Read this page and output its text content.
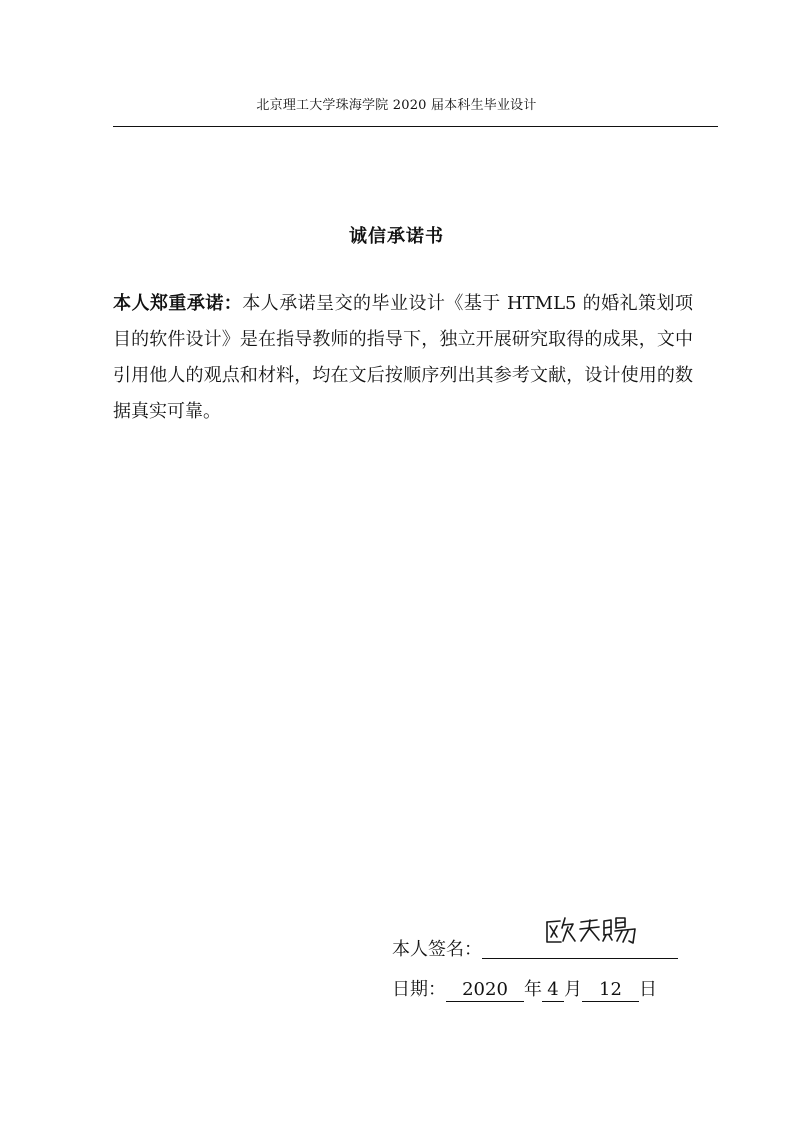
北京理工大学珠海学院 2020 届本科生毕业设计
诚信承诺书
本人郑重承诺：本人承诺呈交的毕业设计《基于 HTML5 的婚礼策划项目的软件设计》是在指导教师的指导下，独立开展研究取得的成果，文中引用他人的观点和材料，均在文后按顺序列出其参考文献，设计使用的数据真实可靠。
本人签名：
日期： 2020 年 4 月 12 日
